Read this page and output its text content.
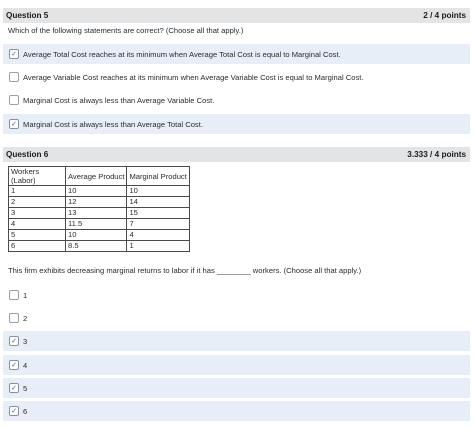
Question 5	2 / 4 points
Which of the following statements are correct? (Choose all that apply.)
✓ Average Total Cost reaches at its minimum when Average Total Cost is equal to Marginal Cost.
Average Variable Cost reaches at its minimum when Average Variable Cost is equal to Marginal Cost.
Marginal Cost is always less than Average Variable Cost.
✓ Marginal Cost is always less than Average Total Cost.
Question 6	3.333 / 4 points
Workers (Labor)	Average Product	Marginal Product
1	10	10
2	12	14
3	13	15
4	11.5	7
5	10	4
6	8.5	1
This firm exhibits decreasing marginal returns to labor if it has ________ workers. (Choose all that apply.)
1
2
✓ 3
✓ 4
✓ 5
✓ 6
